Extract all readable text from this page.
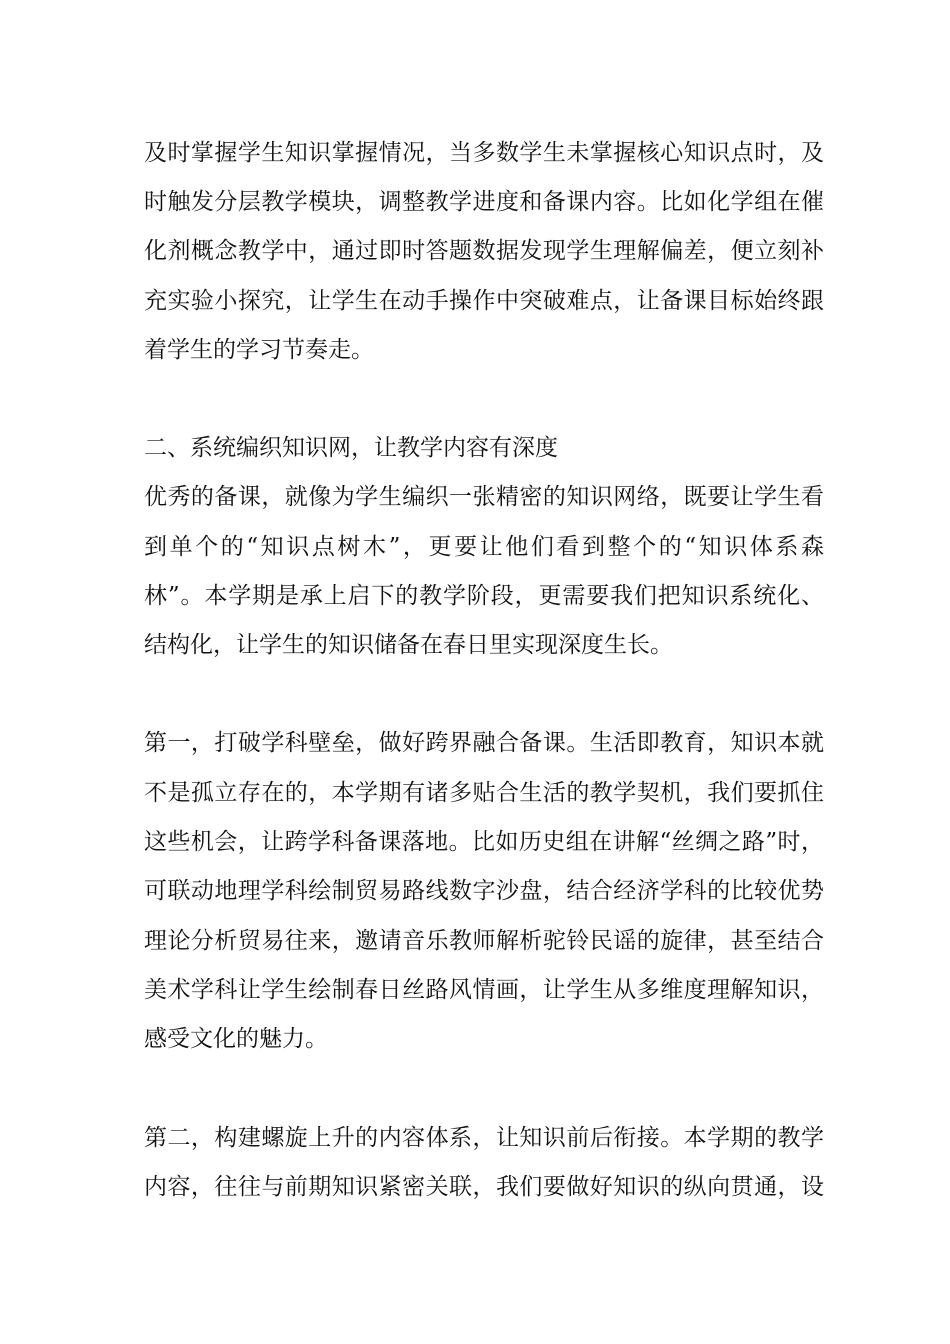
及时掌握学生知识掌握情况，当多数学生未掌握核心知识点时，及
时触发分层教学模块，调整教学进度和备课内容。比如化学组在催
化剂概念教学中，通过即时答题数据发现学生理解偏差，便立刻补
充实验小探究，让学生在动手操作中突破难点，让备课目标始终跟
着学生的学习节奏走。
二、系统编织知识网，让教学内容有深度
优秀的备课，就像为学生编织一张精密的知识网络，既要让学生看
到单个的“知识点树木”，更要让他们看到整个的“知识体系森
林”。本学期是承上启下的教学阶段，更需要我们把知识系统化、
结构化，让学生的知识储备在春日里实现深度生长。
第一，打破学科壁垒，做好跨界融合备课。生活即教育，知识本就
不是孤立存在的，本学期有诸多贴合生活的教学契机，我们要抓住
这些机会，让跨学科备课落地。比如历史组在讲解“丝绸之路”时，
可联动地理学科绘制贸易路线数字沙盘，结合经济学科的比较优势
理论分析贸易往来，邀请音乐教师解析驼铃民谣的旋律，甚至结合
美术学科让学生绘制春日丝路风情画，让学生从多维度理解知识，
感受文化的魅力。
第二，构建螺旋上升的内容体系，让知识前后衔接。本学期的教学
内容，往往与前期知识紧密关联，我们要做好知识的纵向贯通，设
